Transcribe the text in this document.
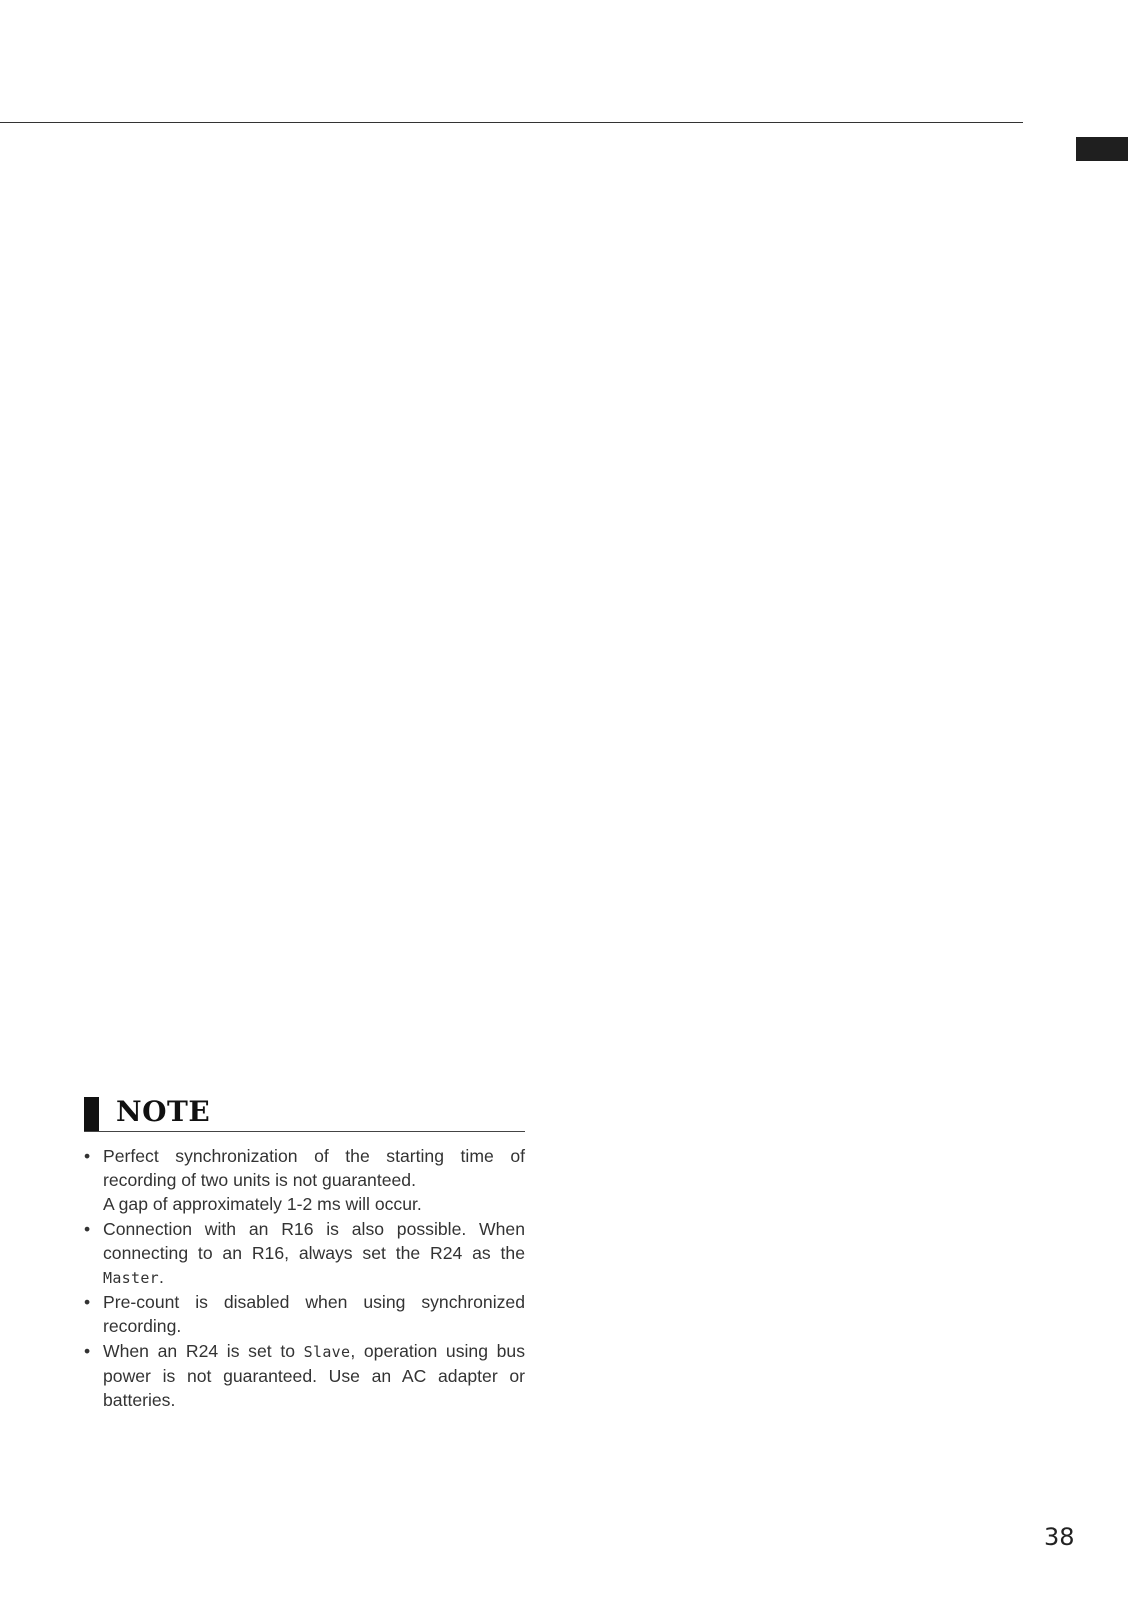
NOTE
• Perfect synchronization of the starting time of recording of two units is not guaranteed.
A gap of approximately 1-2 ms will occur.
• Connection with an R16 is also possible. When connecting to an R16, always set the R24 as the Master.
• Pre-count is disabled when using synchronized recording.
• When an R24 is set to Slave, operation using bus power is not guaranteed. Use an AC adapter or batteries.
38
